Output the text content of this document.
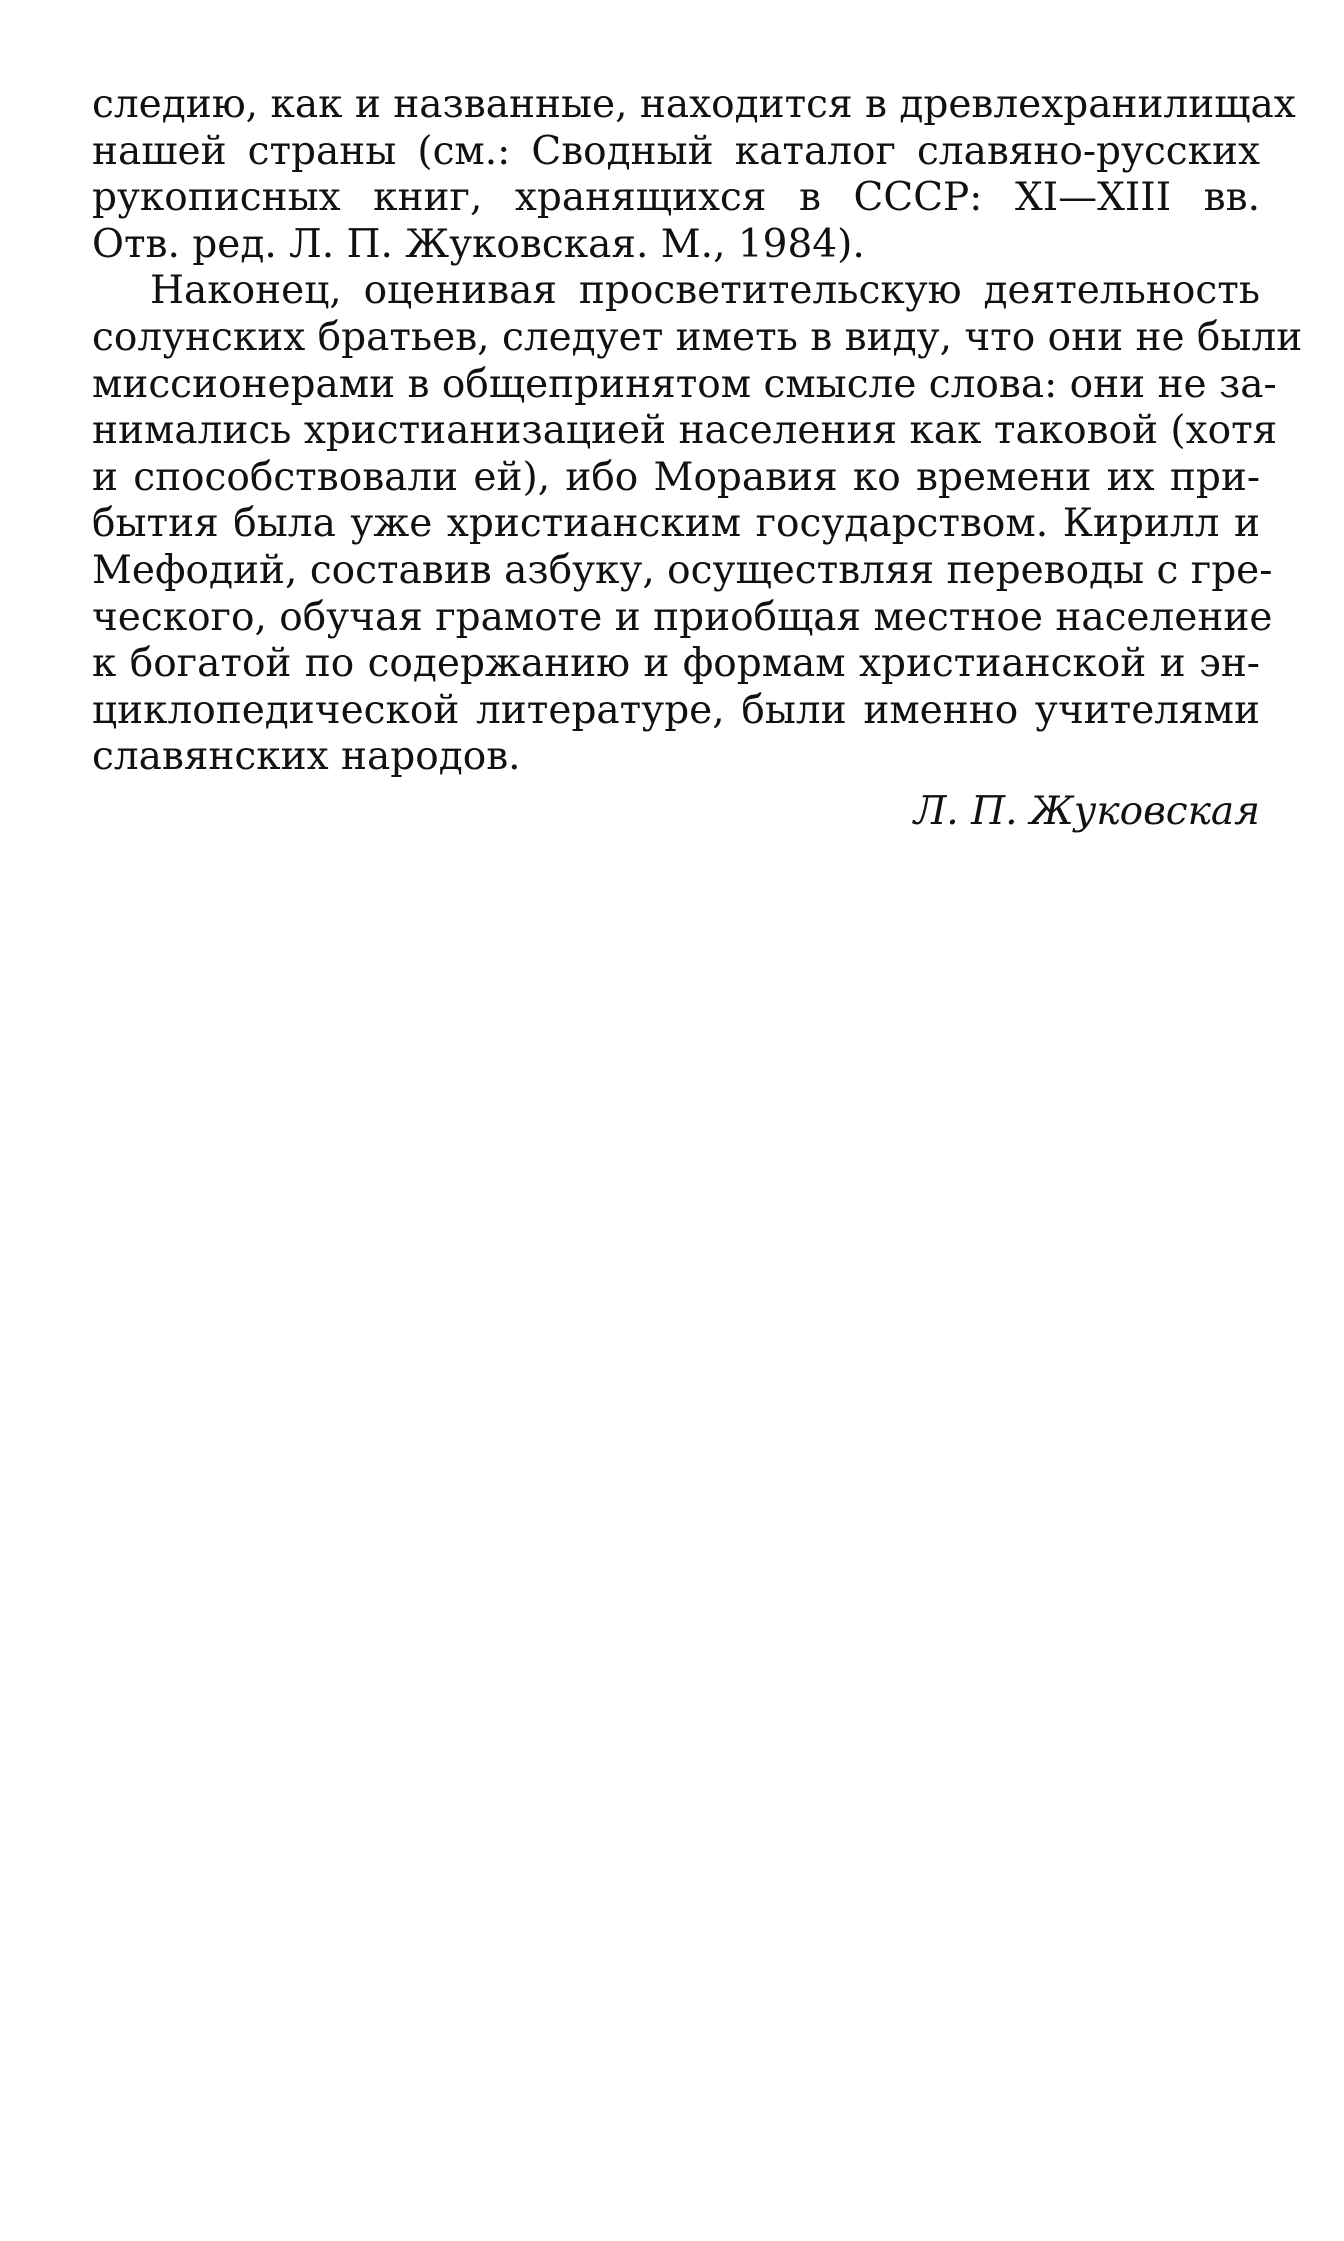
следию, как и названные, находится в древлехранилищах
нашей страны (см.: Сводный каталог славяно-русских
рукописных книг, хранящихся в СССР: XI—XIII вв.
Отв. ред. Л. П. Жуковская. М., 1984).

Наконец, оценивая просветительскую деятельность
солунских братьев, следует иметь в виду, что они не были
миссионерами в общепринятом смысле слова: они не за-
нимались христианизацией населения как таковой (хотя
и способствовали ей), ибо Моравия ко времени их при-
бытия была уже христианским государством. Кирилл и
Мефодий, составив азбуку, осуществляя переводы с гре-
ческого, обучая грамоте и приобщая местное население
к богатой по содержанию и формам христианской и эн-
циклопедической литературе, были именно учителями
славянских народов.

Л. П. Жуковская
